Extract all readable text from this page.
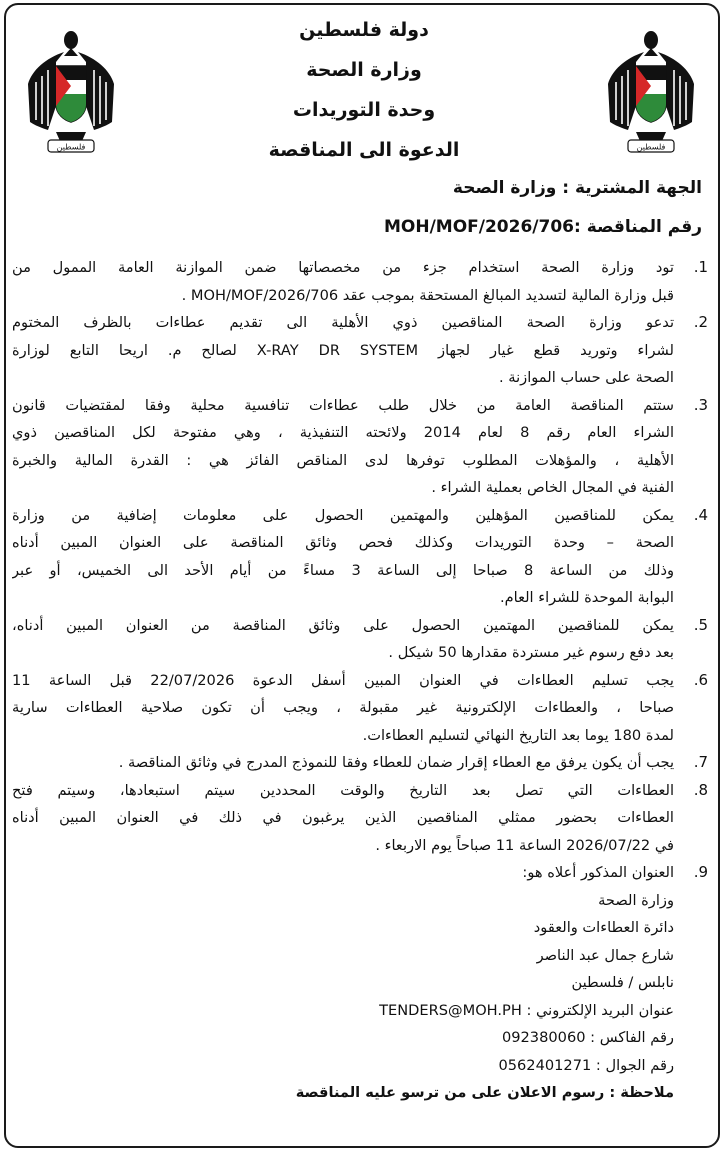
فلسطين
فلسطين
دولة فلسطين
وزارة الصحة
وحدة التوريدات
الدعوة الى المناقصة
الجهة المشترية : وزارة الصحة
رقم المناقصة :MOH/MOF/2026/706
.1
تود وزارة الصحة استخدام جزء من مخصصاتها ضمن الموازنة العامة الممول من
قبل وزارة المالية لتسديد المبالغ المستحقة بموجب عقد MOH/MOF/2026/706 .
.2
تدعو وزارة الصحة المناقصين ذوي الأهلية الى تقديم عطاءات بالظرف المختوم
لشراء وتوريد قطع غيار لجهاز X-RAY DR SYSTEM لصالح م. اريحا التابع لوزارة
الصحة على حساب الموازنة .
.3
ستتم المناقصة العامة من خلال طلب عطاءات تنافسية محلية وفقا لمقتضيات قانون
الشراء العام رقم 8 لعام 2014 ولائحته التنفيذية ، وهي مفتوحة لكل المناقصين ذوي
الأهلية ، والمؤهلات المطلوب توفرها لدى المناقص الفائز هي : القدرة المالية والخبرة
الفنية في المجال الخاص بعملية الشراء .
.4
يمكن للمناقصين المؤهلين والمهتمين الحصول على معلومات إضافية من وزارة
الصحة – وحدة التوريدات وكذلك فحص وثائق المناقصة على العنوان المبين أدناه
وذلك من الساعة 8 صباحا إلى الساعة 3 مساءً من أيام الأحد الى الخميس، أو عبر
البوابة الموحدة للشراء العام.
.5
يمكن للمناقصين المهتمين الحصول على وثائق المناقصة من العنوان المبين أدناه،
بعد دفع رسوم غير مستردة مقدارها 50 شيكل .
.6
يجب تسليم العطاءات في العنوان المبين أسفل الدعوة 22/07/2026 قبل الساعة 11
صباحا ، والعطاءات الإلكترونية غير مقبولة ، ويجب أن تكون صلاحية العطاءات سارية
لمدة 180 يوما بعد التاريخ النهائي لتسليم العطاءات.
.7
يجب أن يكون يرفق مع العطاء إقرار ضمان للعطاء وفقا للنموذج المدرج في وثائق المناقصة .
.8
العطاءات التي تصل بعد التاريخ والوقت المحددين سيتم استبعادها، وسيتم فتح
العطاءات بحضور ممثلي المناقصين الذين يرغبون في ذلك في العنوان المبين أدناه
في 2026/07/22 الساعة 11 صباحاً يوم الاربعاء .
.9
العنوان المذكور أعلاه هو:
وزارة الصحة
دائرة العطاءات والعقود
شارع جمال عبد الناصر
نابلس / فلسطين
عنوان البريد الإلكتروني : TENDERS@MOH.PH
رقم الفاكس : 092380060
رقم الجوال : 0562401271
ملاحظة : رسوم الاعلان على من ترسو عليه المناقصة
